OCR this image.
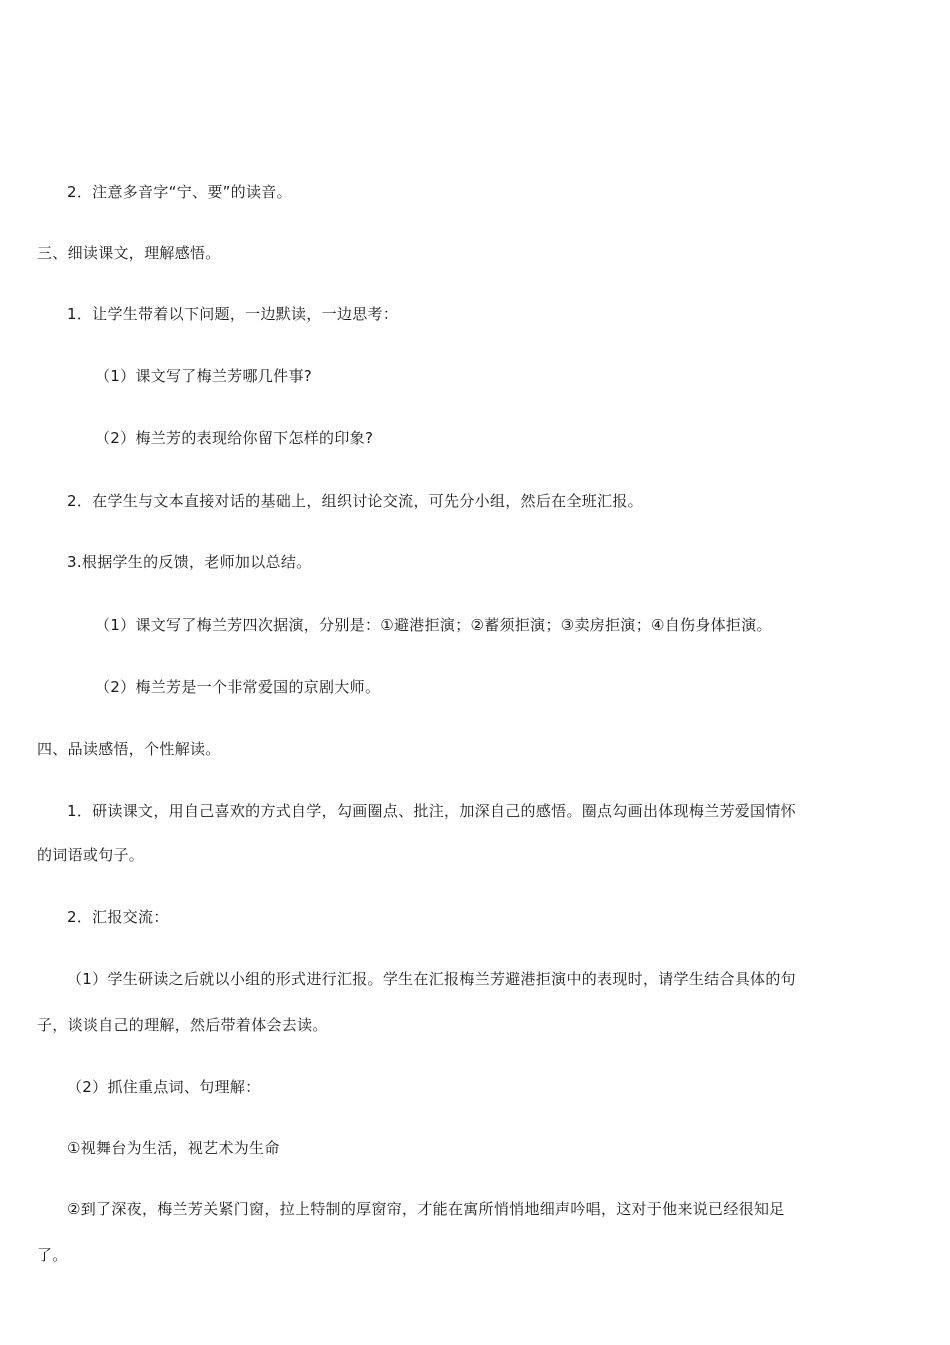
2．注意多音字“宁、要”的读音。
三、细读课文，理解感悟。
1．让学生带着以下问题，一边默读，一边思考：
（1）课文写了梅兰芳哪几件事?
（2）梅兰芳的表现给你留下怎样的印象?
2．在学生与文本直接对话的基础上，组织讨论交流，可先分小组，然后在全班汇报。
3.根据学生的反馈，老师加以总结。
（1）课文写了梅兰芳四次据演，分别是：①避港拒演；②蓄须拒演；③卖房拒演；④自伤身体拒演。
（2）梅兰芳是一个非常爱国的京剧大师。
四、品读感悟，个性解读。
1．研读课文，用自己喜欢的方式自学，勾画圈点、批注，加深自己的感悟。圈点勾画出体现梅兰芳爱国情怀
的词语或句子。
2．汇报交流：
（1）学生研读之后就以小组的形式进行汇报。学生在汇报梅兰芳避港拒演中的表现时，请学生结合具体的句
子，谈谈自己的理解，然后带着体会去读。
（2）抓住重点词、句理解：
①视舞台为生活，视艺术为生命
②到了深夜，梅兰芳关紧门窗，拉上特制的厚窗帘，才能在寓所悄悄地细声吟唱，这对于他来说已经很知足
了。
